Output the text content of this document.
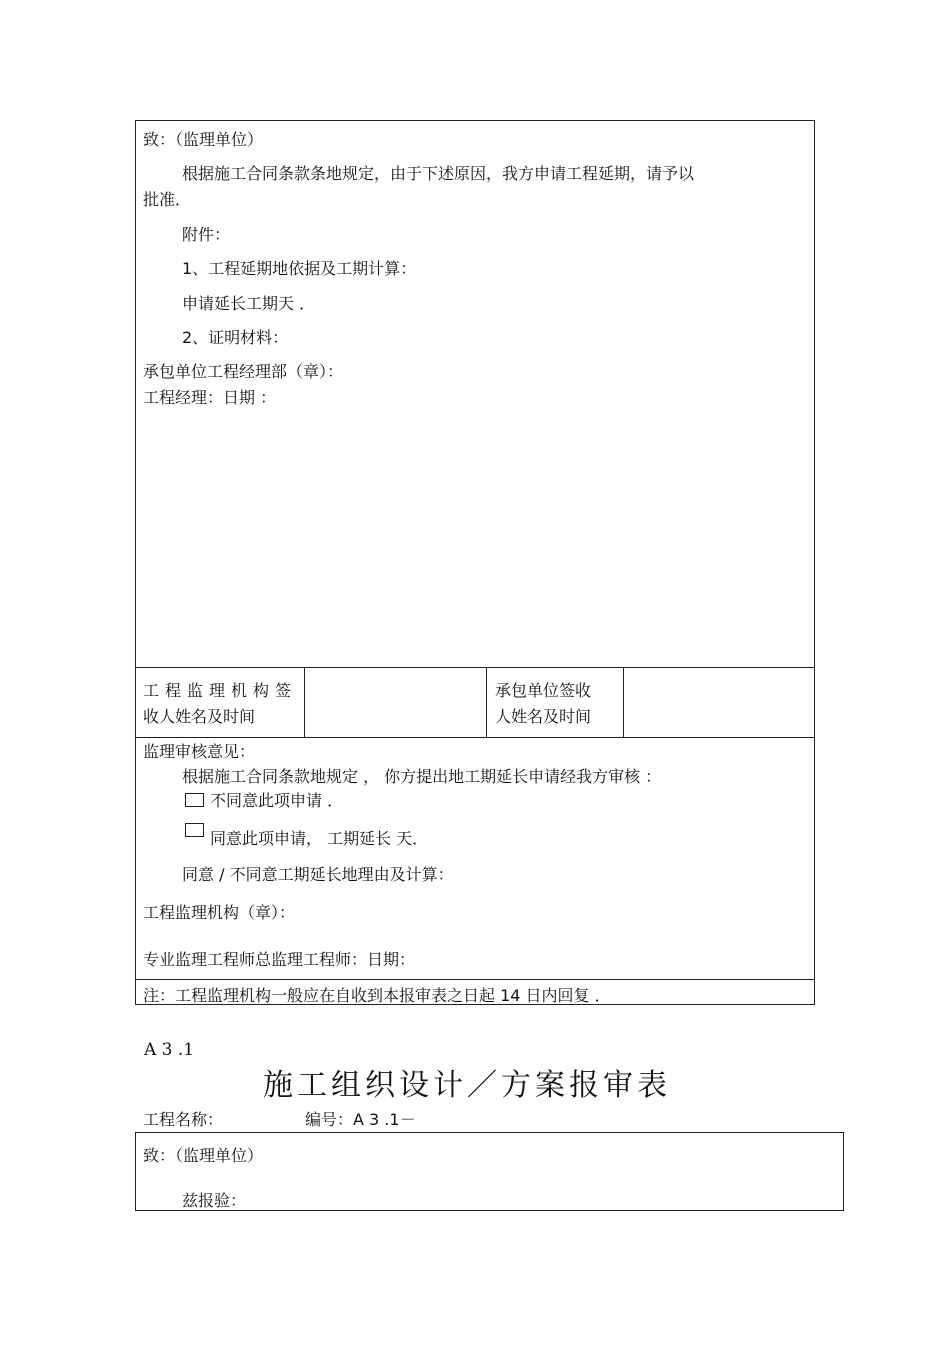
致：（监理单位）
根据施工合同条款条地规定，由于下述原因，我方申请工程延期，请予以
批准．
附件：
1、工程延期地依据及工期计算：
申请延长工期天 ．
2、证明材料：
承包单位工程经理部（章）：
工程经理：日期 ：
工程监理机构签
收人姓名及时间
承包单位签收
人姓名及时间
监理审核意见：
根据施工合同条款地规定 ， 你方提出地工期延长申请经我方审核 ：
不同意此项申请 ．
同意此项申请， 工期延长 天．
同意 / 不同意工期延长地理由及计算：
工程监理机构（章）：
专业监理工程师总监理工程师：日期：
注：工程监理机构一般应在自收到本报审表之日起 14 日内回复 ．
A 3 .1
施工组织设计／方案报审表
工程名称：	编号：A 3 .1－
致：（监理单位）
兹报验：
